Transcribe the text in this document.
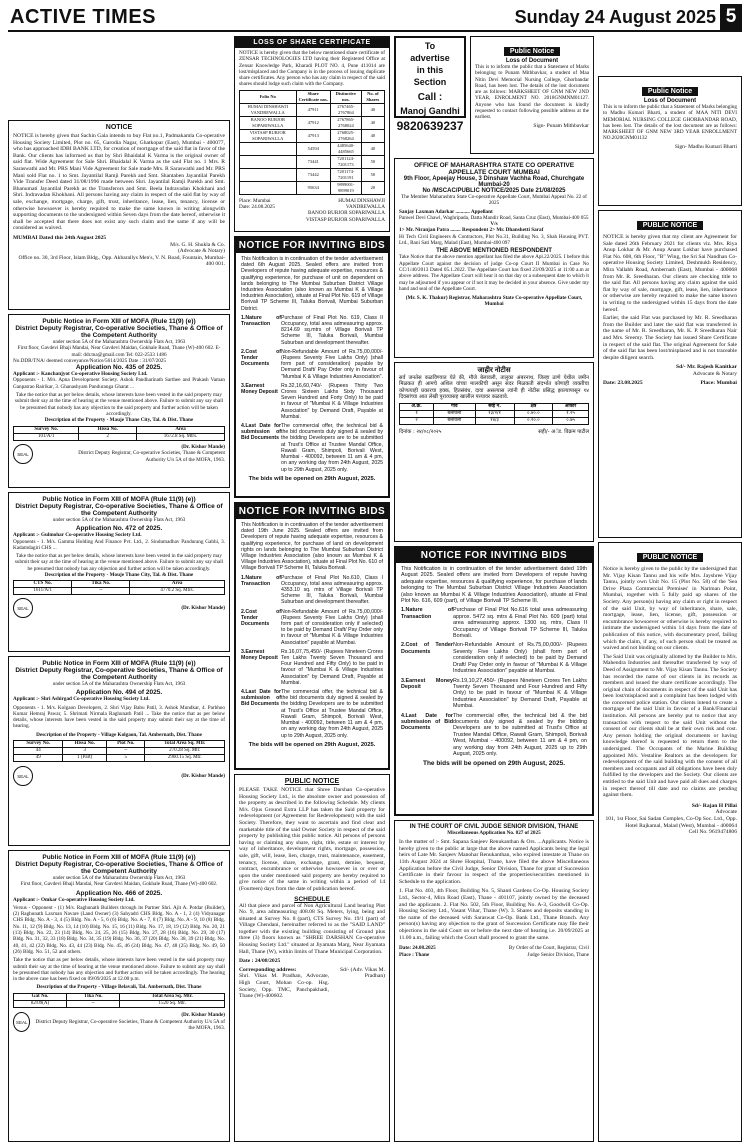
ACTIVE TIMES	Sunday 24 August 2025 5
NOTICE
NOTICE is hereby given that Sachin Gala intends to buy Flat no.1, Padmakamla Co-operative Housing Society Limited, Plot no. 65, Garodia Nagar, Ghatkopar (East), Mumbai - 400077, who has approached IDBI BANK LTD, for creation of mortgage of the said flat in favor of the Bank. Our clients has informed us that by Shri Bhaidalal K Varma is the original owner of said flat. Wide Agreement for Sale Shri. Bhaidalal K Varma as the said Flat no. 1 Mrs. R Saraswathi and Mr. PRS Mani Vide Agreement for Sale made Mrs. R Saraswathi and Mr. PRS Mani sold Flat no. 1 to Smt. Jayantilal Ramji Parekh and Smt. Shantaben Jayantilal Parekh Vide Transfer Deed dated 31/08/1996 made between Shri. Jayantilal Ramji Parekh and Smt. Bhanumati Jayantilal Parekh as the Transferors and Smt. Beela Indravadan Khokhani and Shri. Indravadan Khokhani. All persons having any claim in respect of the said flat by way of sale, exchange, mortgage, charge, gift, trust, inheritance, lease, lien, tenancy, license or otherwise howsoever is hereby required to make the same known in writing alongwith supporting documents to the undersigned within Seven days from the date hereof, otherwise it shall be accepted that there does not exist any such claim and the same if any will be considered as waived.
MUMBAI Dated this 24th August 2025
M/s. G. H. Shukla & Co.
(Advocate & Notary)
Office no. 30, 3rd Floor, Islam Bldg., Opp. Akbarallys Men's, V. N. Road, Fountain, Mumbai-400 001.
Public Notice in Form XIII of MOFA (Rule 11(9) (e))
District Deputy Registrar, Co-operative Societies, Thane & Office of the Competent Authority
under section 5A of the Maharashtra Ownership Flats Act, 1963
First floor, Gavdevi Bhaji Mandai, Near Gavdevi Maidan, Gokhale Road, Thane (W)-400 602. E-mail: ddr.tna@gmail.com Tel: 022-2533 1486
No.DDR/TNA/ deemed conveyance/Notice/5614/2025 Date : 31/07/2025
Application No. 435 of 2025.
Applicant :- Kanchanjyot Co-operative Housing Society Ltd.
Opponents - 1. M/s. Apna Development Society. Ashok Pandharinath Sarthee and Prakash Vaman Ganpatrao Rairikar, 3. Ghanashyam Panduranga Gharat ...
Take the notice that as per below details, whose interests have been vested in the said property may submit their say at the time of hearing at the venue mentioned above. Failure to submit any say shall be presumed that nobody has any objection to the said property and further action will be taken accordingly.
Description of the Property - Mauje Thane City, Tal. & Dist. Thane
Survey No.	Hissa No.	Area
101/A/1	2	1672.8 Sq. Mtrs.
SEAL
(Dr. Kishor Mande)
District Deputy Registrar, Co-operative Societies, Thane & Competent Authority U/s 5A of the MOFA, 1963.
Public Notice in Form XIII of MOFA (Rule 11(9) (e))
District Deputy Registrar, Co-operative Societies, Thane & Office of the Competent Authority
under section 5A of the Maharashtra Ownership Flats Act, 1963
Application No. 472 of 2025.
Applicant :- Gulmohar Co-operative Housing Society Ltd.
Opponents - 1. M/s. Gamma Holding And Finance Pvt. Ltd., 2. Sindumadhav Pandurang Gabhi, 3. Kadamdagiri CHS ...
Take the notice that as per below details, whose interests have been vested in the said property may submit their say at the time of hearing at the venue mentioned above. Failure to submit any say shall be presumed that nobody has any objection and further action will be taken accordingly.
Description of the Property - Mouje Thane City, Tal. & Dist. Thane
CTS No.	Tika No.	Area
1611/A/1	--	4770.2 Sq. Mtrs.
SEAL	(Dr. Kishor Mande)
Public Notice in Form XIII of MOFA (Rule 11(9) (e))
District Deputy Registrar, Co-operative Societies, Thane & Office of the Competent Authority
under section 5A of the Maharashtra Ownership Flats Act, 1963
Application No. 494 of 2025.
Applicant :- Shri Ashirgad Co-operative Housing Society Ltd.
Opponents - 1. M/s. Kolgaon Developers, 2. Shri Vijay Babu Patil, 3. Ashok Mundkar, 4. Parbhoo Kumar Hemraj Pawar, 5. Shrimati Nirmala Raghunath Patil ... Take the notice that as per below details, whose interests have been vested in the said property may submit their say at the time of hearing.
Description of the Property - Village Kolgaon, Tal. Ambernath, Dist. Thane
Survey No.	Hissa No.	Plot No.	Total Area Sq. Mtr.
44	3	--	270.28 Sq. Mtr.
49	1 (Part)	5	2960.15 Sq. Mtr.
SEAL	(Dr. Kishor Mande)
Public Notice in Form XIII of MOFA (Rule 11(9) (e))
District Deputy Registrar, Co-operative Societies, Thane & Office of the Competent Authority
under section 5A of the Maharashtra Ownership Flats Act, 1963
First floor, Gavdevi Bhaji Mandai, Near Gavdevi Maidan, Gokhale Road, Thane (W)-400 602.
Application No. 466 of 2025.
Applicant :- Omkar Co-operative Housing Society Ltd.
Versus - Opponent - (1) M/s. Raghunath Builders through its Partner Shri. Ajit A. Potdar (Builder), (2) Raghunath Laxman Navare (Land Owner) (3) Sahyadri CHS Bldg. No. A - 1, 2 (4) Vidyanagar CHS Bldg. No. A - 3, 4 (5) Bldg. No. A - 5, 6 (6) Bldg. No. A - 7, 8 (7) Bldg. No. A - 9, 10 (8) Bldg. No. 11, 12 (9) Bldg. No. 13, 14 (10) Bldg. No. 15, 16 (11) Bldg. No. 17, 18, 19 (12) Bldg. No. 20, 21 (13) Bldg. No. 22, 23 (14) Bldg. No. 24, 25, 26 (15) Bldg. No. 27, 28 (16) Bldg. No. 29, 30 (17) Bldg. No. 31, 32, 33 (18) Bldg. No. 34, 35 (19) Bldg. No. 36, 37 (20) Bldg. No. 38, 39 (21) Bldg. No. 40, 41, 42 (22) Bldg. No. 43, 44 (23) Bldg. No. 45, 46 (24) Bldg. No. 47, 48 (25) Bldg. No. 49, 50 (26) Bldg. No. 51, 52 and others.
Take the notice that as per below details, whose interests have been vested in the said property may submit their say at the time of hearing at the venue mentioned above. Failure to submit any say shall be presumed that nobody has any objection and further action will be taken accordingly. The hearing in the above case has been fixed on 09/09/2025 at 12.00 p.m.
Description of the Property - Village Belavali, Tal. Ambernath, Dist. Thane
Gat No.	Tika No.	Total Area Sq. Mtr.
82/09(A)	--	1520 Sq. Mtr.
SEAL
(Dr. Kishor Mande)
District Deputy Registrar, Co-operative Societies, Thane & Competent Authority U/s 5A of the MOFA, 1963.
LOSS OF SHARE CERTIFICATE
NOTICE is hereby given that the below mentioned share certificate of ZENSAR TECHNOLOGIES LTD having their Registered Office at Zensar Knowledge Park, Kharadi PLOT NO. 4, Pune 411014 are lost/misplaced and the Company is in the process of issuing duplicate share certificates. Any person who has any claim in respect of the said shares should lodge such claim with the Company.
Folio No	Share Certificate nos.	Distinctive nos.	No. of Shares
HUMAI DINSHAWJI VANDREWALLA	47911	2767465-2767864	40
BANOO BURJOR SOPARIWALLA	47912	2767865-2768024	40
VISTASP BURJOR SOPARIWALLA	47913	2768025-2768264	40
	54594	4485640-4485665	40
	73441	7201124-7201173	50
	73442	7201174-7201191	50
	95634	9899001-9899019	20
Place: Mumbai
Date: 24.08.2025
HUMAI DINSHAWJI VANDREWALLA
BANOO BURJOR SOPARIWALLA
VISTASP BURJOR SOPARIWALLA
To
advertise
in this
Section
Call :
Manoj Gandhi
9820639237
Public Notice
Loss of Document
This is to inform the public that a Statement of Marks belonging to Punam Mithbavkar, a student of Maa Nitin Devi Memorial Nursing College, Ghorbandar Road, has been lost. The details of the lost document are as follows: MARKSHEET OF GNM NEW 2ND YEAR, ENROLMENT NO. 2018GNMNM01127. Anyone who has found the document is kindly requested to contact following possible address at the earliest.
Sign- Punam Mithbavkar
Public Notice
Loss of Document
This is to inform the public that a Statement of Marks belonging to Madhu Kumari Bharti, a student of MAA NITI DEVI MEMORIAL NURSING COLLEGE GHORBANDAR ROAD, has been lost. The details of the lost document are as follows: MARKSHEET OF GNM NEW 3RD YEAR ENROLLMENT NO.2020GNM01132
Sign- Madhu Kumari Bharti
OFFICE OF MAHARASHTRA STATE CO OPERATIVE APPELLATE COURT MUMBAI
9th Floor, Apeejay House, 3 Dinshaw Vachha Road, Churchgate Mumbai-20
No /MSCAC/PUBLIC NOTICE/2025 Date 21/08/2025
The Member Maharashtra State Co-operative Appellate Court, Mumbai Appeal No. 22 of 2025
Sanjay Laxman Adarkar ........... Appellant
Panwel Devi Chawl, Waghripada, Datta Mandir Road, Santa Cruz (East), Mumbai-400 055
V/s
1> Mr. Niranjan Patra ........ Respondent 2> Mr. Dhanshetti Saraf
Hi Tech Civil Engineers & Contractors, Plot No.31, Building No. 3, Shah Housing PVT. Ltd., Rani Sati Marg, Malad (East), Mumbai-400 097
THE ABOVE MENTIONED RESPONDENT
Take Notice that the above mention appellant has filed the above Apl.22/2025. I before this Appellate Court against the decision of judge Co-op Court II Mumbai in Case No CC/1/40/2013 Dated 05.1.2022. The Appellate Court has fixed 23/09/2025 at 11:00 a.m at above address. The Appellate Court will hear it on that day or a subsequent date to which it may be adjourned if you appear or if not it may be decided in your absence. Give under my hand and seal of the Appellate Court.
(Mr. S. K. Thakur) Registrar, Maharashtra State Co-operative Appellate Court, Mumbai
NOTICE FOR INVITING BIDS
This Notification is in continuation of the tender advertisement dated 6th August 2025. Sealed offers are invited from Developers of repute having adequate expertise, resources & qualifying experience, for purchase of unit on dependent on lands belonging to The Mumbai Suburban District Village Industries Association (also known as Mumbai K & Village Industries Association), situate at Final Plot No. 619 of Village Borivali TP Scheme III, Taluka Borivali, Mumbai Suburban District.
1.Nature of Transaction
Purchase of Final Plot No. 619, Class II Occupancy, total area admeasuring approx. 8214.69 sq.mtrs of Village Borivali TP Scheme III, Taluka Borivali, Mumbai Suburban and development thereafter.
2.Cost of Tender Documents
Non-Refundable Amount of Rs.75,00,000/- (Rupees Seventy Five Lakhs Only) (shall form part of consideration) payable by Demand Draft/ Pay Order only in favour of "Mumbai K & Village Industries Association".
3.Earnest Money Deposit
Rs.32,16,60,740/- (Rupees Thirty Two Crores Sixteen Lakhs Sixty Thousand Seven Hundred and Forty Only) to be paid in favour of "Mumbai K & Village Industries Association" by Demand Draft, Payable at Mumbai.
4.Last Date for submission of Bid Documents
The commercial offer, the technical bid & the bid documents duly signed & sealed by the bidding Developers are to be submitted at Trust's Office at Trustee Mandal Office, Rawali Gram, Shimpoli, Borivali West, Mumbai - 400092, between 11 am & 4 pm, on any working day from 24th August, 2025 up to 29th August, 2025 only.
The bids will be opened on 29th August, 2025.
NOTICE FOR INVITING BIDS
This Notification is in continuation of the tender advertisement dated 19th June 2025. Sealed offers are invited from Developers of repute having adequate expertise, resources & qualifying experience, for purchase of land on development rights on lands belonging to The Mumbai Suburban District Village Industries Association (also known as Mumbai K & Village Industries Association), situate at Final Plot No. 610 of Village Borivali TP Scheme III, Taluka Borivali.
1.Nature of Transaction
Purchase of Final Plot No.610, Class I Occupancy, total area admeasuring approx. 4353.10 sq. mtrs of Village Borivali TP Scheme III, Taluka Borivali, Mumbai Suburban and development thereafter.
2.Cost of Tender Documents
Non-Refundable Amount of Rs.75,00,000/- (Rupees Seventy Five Lakhs Only) (shall form part of consideration only if selected) to be paid by Demand Draft/ Pay Order only in favour of "Mumbai K & Village Industries Association" payable at Mumbai.
3.Earnest Money Deposit
Rs.16,07,75,450/- (Rupees Nineteen Crores Ten Lakhs Twenty Seven Thousand and Four Hundred and Fifty Only) to be paid in favour of "Mumbai K & Village Industries Association" by Demand Draft, Payable at Mumbai.
4.Last Date for submission of Bid Documents
The commercial offer, the technical bid & the bid documents duly signed & sealed by the bidding Developers are to be submitted at Trust's Office at Trustee Mandal Office, Rawali Gram, Shimpoli, Borivali West, Mumbai - 400092, between 11 am & 4 pm, on any working day from 24th August, 2025 up to 29th August, 2025 only.
The bids will be opened on 29th August, 2025.
PUBLIC NOTICE
PLEASE TAKE NOTICE that Shree Darshan Co-operative Housing Society Ltd., is the absolute owner and possession of the property as described in the following Schedule. My clients M/s. Ojus Ground Extra LLP has taken the Said property for redevelopment (or Agreement for Redevelopment) with the said Society. Therefore, they want to ascertain and find clear and marketable title of the said Owner Society in respect of the said property by publishing this public notice. All persons of persons having or claiming any share, right, title, estate or interest by way of inheritance, development rights, mortgage, possession, sale, gift, will, lease, lien, charge, trust, maintenance, easement, tenancy, license, share, exchange, grant, demise, bequest, contract, encumbrance or otherwise howsoever in or over or upon the under mentioned said property are hereby required to give notice of the same in writing within a period of 14 (Fourteen) days from the date of publication hereof.
SCHEDULE
All that piece and parcel of Non Agricultural Land bearing Plot No. 9, area admeasuring 408.08 Sq. Meters, lying, being and situated at Survey No. 8 (part), CTS Survey No. 19/1 (part) of Village Chendani, hereinafter referred to as the "SAID LAND" together with the existing building consisting of Ground plus three (3) floors known as "SHREE DARSHAN Co-operative Housing Society Ltd." situated at Jiyamata Marg, Near Jiyamata Hall, Thane (W), within limits of Thane Municipal Corporation.
Date : 24/08/2025
Corresponding address:
Shri. Vikas M. Pradhan, Advocate, High Court, Mohan Co-op. Hsg. Society, Opp. TMC, Panchpakhadi, Thane (W)-400602.
Sd/- (Adv. Vikas M. Pradhan)
जाहीर नोटीस
सर्व जनतेस कळविण्यात येते की, मौजे बेलावली, तालुका अंबरनाथ, जिल्हा ठाणे येथील जमीन मिळकत ही आमचे अशिल यांच्या मालकीची असून सदर मिळकती संदर्भात कोणाही व्यक्तीचा कोणत्याही प्रकारचा हक्क, हितसंबंध, दावा असल्यास त्यांनी ही नोटीस प्रसिद्ध झाल्यापासून १४ दिवसांच्या आत लेखी पुराव्यासह खालील पत्त्यावर कळवावे.
अ.क्र.	गाव	सर्व्हे नं.	क्षेत्र	आकार
१	बेलावली	१३/२/१	०.४०.०	१.२५
२	बेलावली	१४/३	०.२०.०	०.७५
दिनांक : २४/०८/२०२५	सही/- अॅड. विक्रम पाटील
NOTICE FOR INVITING BIDS
This Notification is in continuation of the tender advertisement dated 19th August 2025. Sealed offers are invited from Developers of repute having adequate expertise, resources & qualifying experience, for purchase of lands belonging to The Mumbai Suburban District Village Industries Association (also known as Mumbai K & Village Industries Association), situate at Final Plot No. 616, 609 (part), of Village Borivali TP Scheme III.
1.Nature of Transaction
Purchase of Final Plot No.616 total area admeasuring approx. 5472 sq. mtrs & Final Plot No. 609 (part) total area admeasuring approx. 1300 sq. mtrs, Class II Occupancy of Village Borivali TP Scheme III, Taluka Borivali.
2.Cost of Tender Documents
Non-Refundable Amount of Rs.75,00,000/- (Rupees Seventy Five Lakhs Only) (shall form part of consideration only if selected) to be paid by Demand Draft/ Pay Order only in favour of "Mumbai K & Village Industries Association" payable at Mumbai.
3.Earnest Money Deposit
Rs.19,10,27,450/- (Rupees Nineteen Crores Ten Lakhs Twenty Seven Thousand and Four Hundred and Fifty Only) to be paid in favour of "Mumbai K & Village Industries Association" by Demand Draft, Payable at Mumbai.
4.Last Date for submission of Bid Documents
The commercial offer, the technical bid & the bid documents duly signed & sealed by the bidding Developers are to be submitted at Trust's Office at Trustee Mandal Office, Rawali Gram, Shimpoli, Borivali West, Mumbai - 400092, between 11 am & 4 pm, on any working day from 24th August, 2025 up to 29th August, 2025 only.
The bids will be opened on 29th August, 2025.
IN THE COURT OF CIVIL JUDGE SENIOR DIVISION, THANE
Miscellaneous Application No. 827 of 2025
In the matter of :- Smt. Sapana Sanjeev Renukanthan & Ors. ...Applicants. Notice is hereby given to the public at large that the above named Applicants being the legal heirs of Late Mr. Sanjeev Manohar Renukanthan, who expired intestate at Thane on 11th August 2024 at Shree Hospital, Thane, have filed the above Miscellaneous Application before the Civil Judge, Senior Division, Thane for grant of Succession Certificate in their favour in respect of the properties/securities mentioned in Schedule to the application.
1. Flat No. 403, 4th Floor, Building No. 5, Shanti Gardens Co-Op. Housing Society Ltd., Sector-4, Mira Road (East), Thane - 401107, jointly owned by the deceased and the applicants. 2. Flat No. 502, 5th Floor, Building No. A-3, Goodwill Co-Op. Housing Society Ltd., Vasant Vihar, Thane (W). 3. Shares and deposits standing in the name of the deceased with Saraswat Co-Op. Bank Ltd., Thane Branch. Any person(s) having any objection to the grant of Succession Certificate may file their objections in the said Court on or before the next date of hearing i.e. 20/09/2025 at 11.00 a.m., failing which the Court shall proceed to grant the same.
Date: 24.08.2025
Place : Thane
By Order of the Court, Registrar, Civil Judge Senior Division, Thane
PUBLIC NOTICE
NOTICE is hereby given that my client are Agreement for Sale dated 26th February 2021 for clients viz. Mrs. Riya Anup Lokhar & Mr. Anup Anant Lokhar have purchased Flat No. 608, 6th Floor, "B" Wing, the Sri Sai Nandhan Co-operative Housing Society Limited, Deshmukh Residency, Mira Vallabh Road, Ambernath (East), Mumbai - 400068 from Mr. R. Sreedharan. Our clients are checking title to the said flat. All persons having any claim against the said flat by way of sale, mortgage, gift, lease, lien, inheritance or otherwise are hereby required to make the same known in writing to the undersigned within 15 days from the date hereof.
Earlier, the said Flat was purchased by Mr. R. Sreedharan from the Builder and later the said flat was transferred in the name of Mr. R. Sreedharan, Mr. K. P. Sreedharan Nair and Mrs. Sreemy. The Society has issued Share Certificate in respect of the said flat. The original Agreement for Sale of the said flat has been lost/misplaced and is not traceable despite diligent search.
Sd/- Mr. Rajesh Kanitkar
Advocate & Notary
Date: 23.08.2025	Place: Mumbai
PUBLIC NOTICE
Notice is hereby given to the public by the undersigned that Mr. Vijay Kisan Tannu and his wife Mrs. Jayshree Vijay Tannu, jointly own Unit No. 15 (Plot No. 58) of the 'Sea Drive Plaza Commercial Premises' in Nariman Point, Mumbai, together with 5 fully paid up shares of the Society. Any person(s) having any claim or right in respect of the said Unit, by way of inheritance, share, sale, mortgage, lease, lien, license, gift, possession or encumbrance howsoever or otherwise is hereby required to intimate the undersigned within 14 days from the date of publication of this notice, with documentary proof, failing which the claim, if any, of such person shall be treated as waived and not binding on our clients.
The Said Unit was originally allotted by the Builder to M/s. Mahendra Industries and thereafter transferred by way of Deed of Assignment to Mr. Vijay Kisan Tannu. The Society has recorded the name of our clients in its records as members and issued the share certificate accordingly. The original chain of documents in respect of the said Unit has been lost/misplaced and a complaint has been lodged with the concerned police station. Our clients intend to create a mortgage of the said Unit in favour of a Bank/Financial institution. All persons are hereby put to notice that any transaction with respect to the said Unit without the consent of our clients shall be at their own risk and cost. Any person holding the original documents or having knowledge thereof is requested to return them to the undersigned. The Occupants of the Marine Building appointed M/s. Vestaline Realtors as the developers for redevelopment of the said building with the consent of all members and occupants and all obligations have been duly fulfilled by the developers and the Society. Our clients are entitled to the said Unit and have paid all dues and charges in respect thereof till date and no claims are pending against them.
Sd/- Rajan H Pillai
Advocate
101, 1st Floor, Sai Sadan Complex, Co-Op Soc. Ltd., Opp. Hotel Rajkamal, Malad (West), Mumbai - 400064
Cell No. 9619474806
